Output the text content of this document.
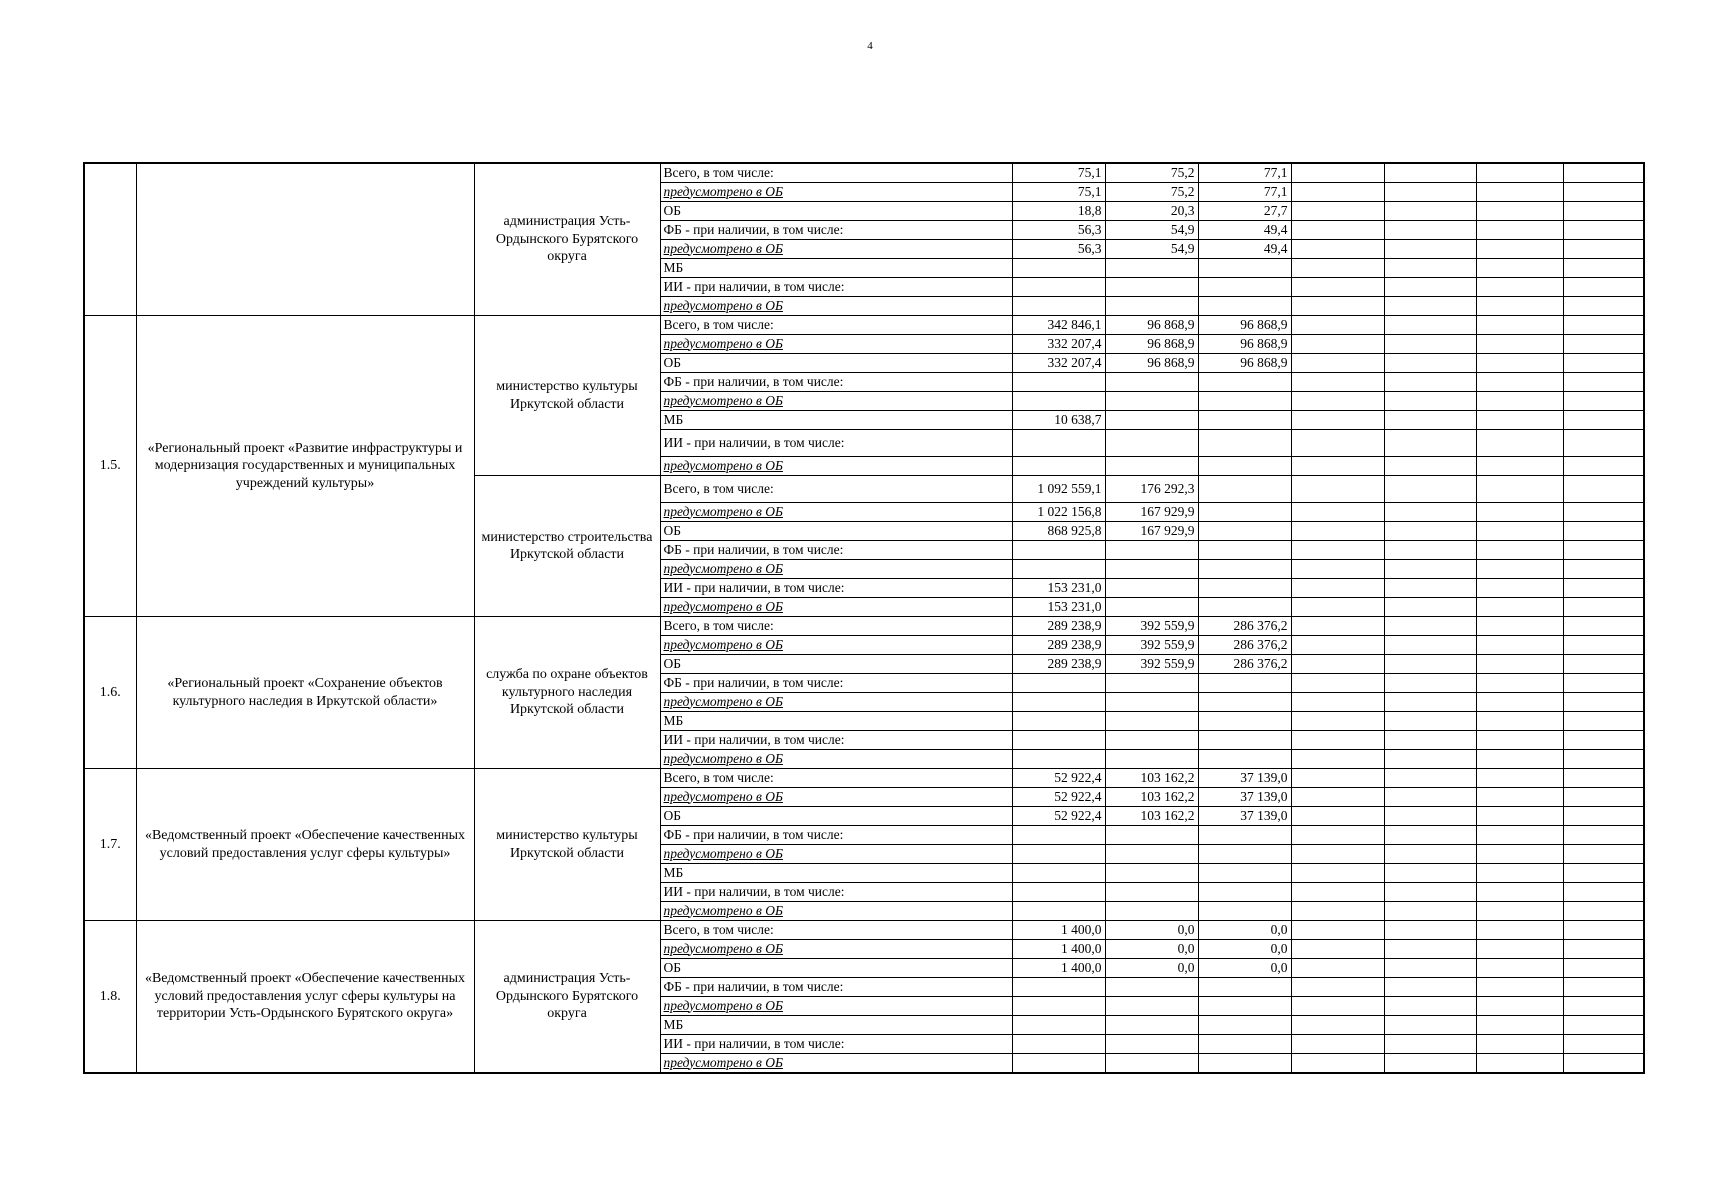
4
		администрация Усть-Ордынского Бурятского округа	Всего, в том числе:	75,1	75,2	77,1				
			предусмотрено в ОБ	75,1	75,2	77,1				
			ОБ	18,8	20,3	27,7				
			ФБ - при наличии, в том числе:	56,3	54,9	49,4				
			предусмотрено в ОБ	56,3	54,9	49,4				
			МБ							
			ИИ - при наличии, в том числе:							
			предусмотрено в ОБ							
1.5.	«Региональный проект «Развитие инфраструктуры и модернизация государственных и муниципальных учреждений культуры»	министерство культуры Иркутской области	Всего, в том числе:	342 846,1	96 868,9	96 868,9				
			предусмотрено в ОБ	332 207,4	96 868,9	96 868,9				
			ОБ	332 207,4	96 868,9	96 868,9				
			ФБ - при наличии, в том числе:							
			предусмотрено в ОБ							
			МБ	10 638,7						
			ИИ - при наличии, в том числе:							
			предусмотрено в ОБ							
		министерство строительства Иркутской области	Всего, в том числе:	1 092 559,1	176 292,3					
			предусмотрено в ОБ	1 022 156,8	167 929,9					
			ОБ	868 925,8	167 929,9					
			ФБ - при наличии, в том числе:							
			предусмотрено в ОБ							
			ИИ - при наличии, в том числе:	153 231,0						
			предусмотрено в ОБ	153 231,0						
1.6.	«Региональный проект «Сохранение объектов культурного наследия в Иркутской области»	служба по охране объектов культурного наследия Иркутской области	Всего, в том числе:	289 238,9	392 559,9	286 376,2				
			предусмотрено в ОБ	289 238,9	392 559,9	286 376,2				
			ОБ	289 238,9	392 559,9	286 376,2				
			ФБ - при наличии, в том числе:							
			предусмотрено в ОБ							
			МБ							
			ИИ - при наличии, в том числе:							
			предусмотрено в ОБ							
1.7.	«Ведомственный проект «Обеспечение качественных условий предоставления услуг сферы культуры»	министерство культуры Иркутской области	Всего, в том числе:	52 922,4	103 162,2	37 139,0				
			предусмотрено в ОБ	52 922,4	103 162,2	37 139,0				
			ОБ	52 922,4	103 162,2	37 139,0				
			ФБ - при наличии, в том числе:							
			предусмотрено в ОБ							
			МБ							
			ИИ - при наличии, в том числе:							
			предусмотрено в ОБ							
1.8.	«Ведомственный проект «Обеспечение качественных условий предоставления услуг сферы культуры на территории Усть-Ордынского Бурятского округа»	администрация Усть-Ордынского Бурятского округа	Всего, в том числе:	1 400,0	0,0	0,0				
			предусмотрено в ОБ	1 400,0	0,0	0,0				
			ОБ	1 400,0	0,0	0,0				
			ФБ - при наличии, в том числе:							
			предусмотрено в ОБ							
			МБ							
			ИИ - при наличии, в том числе:							
			предусмотрено в ОБ							
